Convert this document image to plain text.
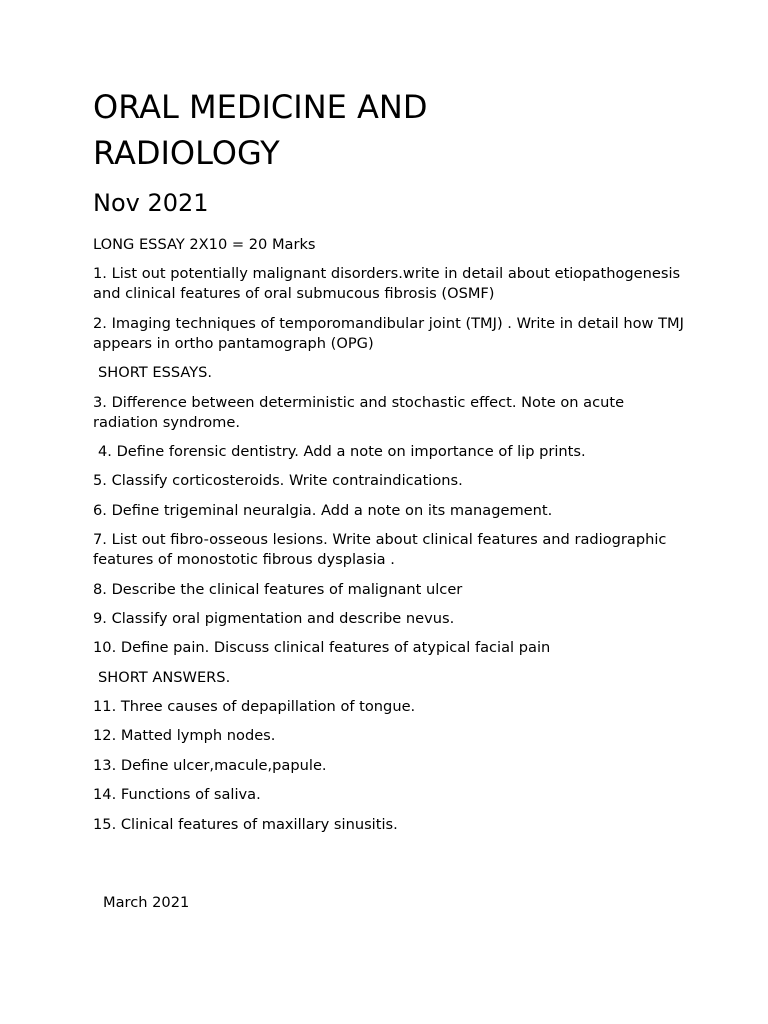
ORAL MEDICINE AND
RADIOLOGY
Nov 2021

LONG ESSAY 2X10 = 20 Marks

1. List out potentially malignant disorders.write in detail about etiopathogenesis and clinical features of oral submucous fibrosis (OSMF)

2. Imaging techniques of temporomandibular joint (TMJ) . Write in detail how TMJ appears in ortho pantamograph (OPG)

SHORT ESSAYS.

3. Difference between deterministic and stochastic effect. Note on acute radiation syndrome.

4. Define forensic dentistry. Add a note on importance of lip prints.

5. Classify corticosteroids. Write contraindications.

6. Define trigeminal neuralgia. Add a note on its management.

7. List out fibro-osseous lesions. Write about clinical features and radiographic features of monostotic fibrous dysplasia .

8. Describe the clinical features of malignant ulcer

9. Classify oral pigmentation and describe nevus.

10. Define pain. Discuss clinical features of atypical facial pain

SHORT ANSWERS.

11. Three causes of depapillation of tongue.

12. Matted lymph nodes.

13. Define ulcer,macule,papule.

14. Functions of saliva.

15. Clinical features of maxillary sinusitis.

March 2021
